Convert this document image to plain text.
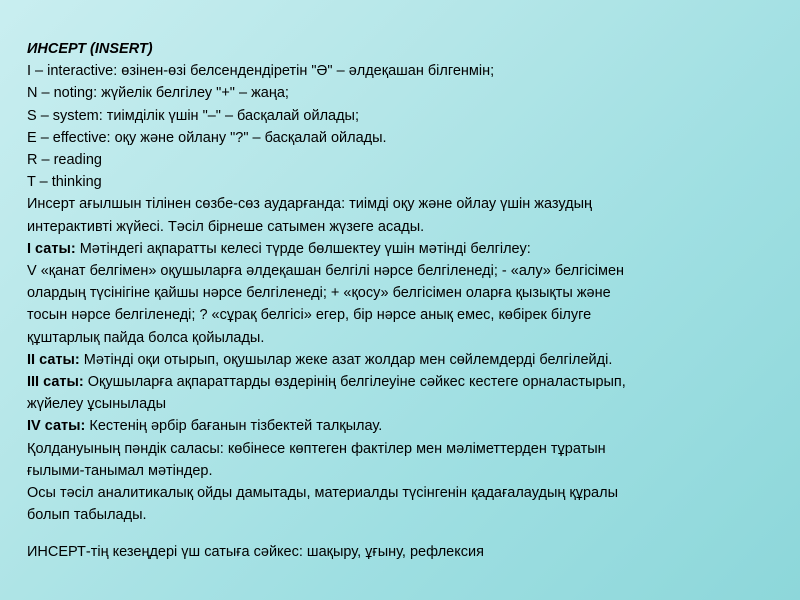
ИНСЕРТ (INSERT)
I – interactive: өзінен-өзі белсендендіретін "Ә" – әлдеқашан білгенмін;
N – noting: жүйелік белгілеу "+" – жаңа;
S – system: тиімділік үшін "–" – басқалай ойлады;
E – effective: оқу және ойлану "?" – басқалай ойлады.
R – reading
T – thinking
Инсерт ағылшын тілінен сөзбе-сөз аударғанда: тиімді оқу және ойлау үшін жазудың
интерактивті жүйесі. Тәсіл бірнеше сатымен жүзеге асады.
І саты: Мәтіндегі ақпаратты келесі түрде бөлшектеу үшін мәтінді белгілеу:
V «қанат белгімен» оқушыларға әлдеқашан белгілі нәрсе белгіленеді; - «алу» белгісімен
олардың түсінігіне қайшы нәрсе белгіленеді; + «қосу» белгісімен оларға қызықты және
тосын нәрсе белгіленеді; ? «сұрақ белгісі» егер, бір нәрсе анық емес, көбірек білуге
құштарлық пайда болса қойылады.
ІІ саты: Мәтінді оқи отырып, оқушылар жеке азат жолдар мен сөйлемдерді белгілейді.
ІІІ саты: Оқушыларға ақпараттарды өздерінің белгілеуіне сәйкес кестеге орналастырып,
жүйелеу ұсынылады
IV саты: Кестенің әрбір бағанын тізбектей талқылау.
Қолдануының пәндік саласы: көбінесе көптеген фактілер мен мәліметтерден тұратын
ғылыми-танымал мәтіндер.
Осы тәсіл аналитикалық ойды дамытады, материалды түсінгенін қадағалаудың құралы
болып табылады.
ИНСЕРТ-тің кезеңдері үш сатыға сәйкес: шақыру, ұғыну, рефлексия
